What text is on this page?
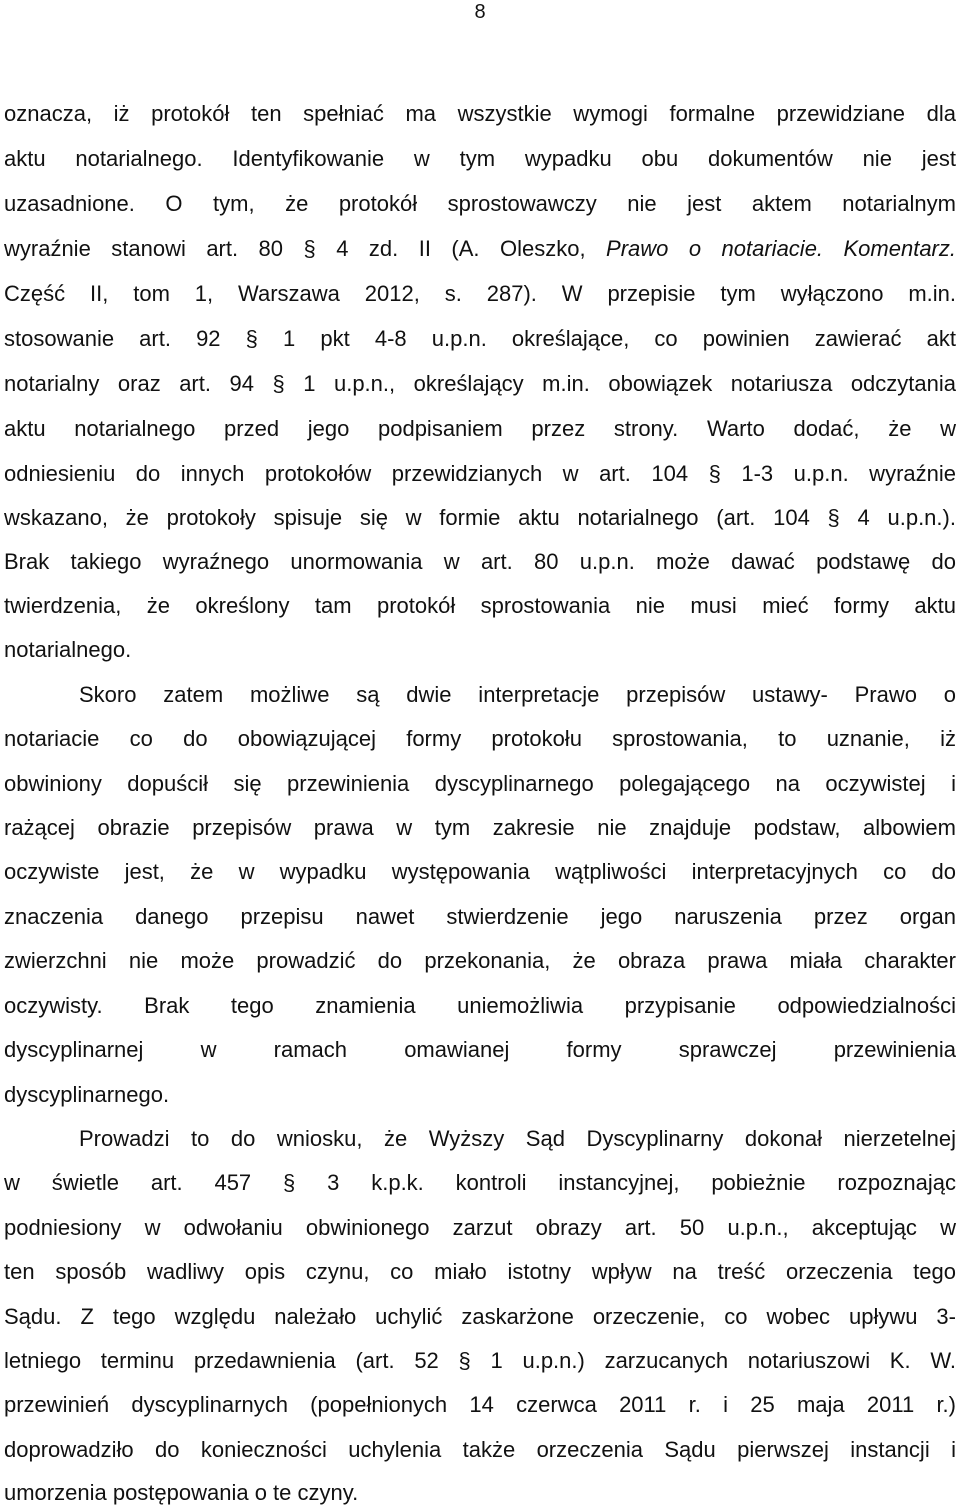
8
oznacza, iż protokół ten spełniać ma wszystkie wymogi formalne przewidziane dla
aktu notarialnego. Identyfikowanie w tym wypadku obu dokumentów nie jest
uzasadnione. O tym, że protokół sprostowawczy nie jest aktem notarialnym
wyraźnie stanowi art. 80 § 4 zd. II (A. Oleszko, Prawo o notariacie. Komentarz.
Część II, tom 1, Warszawa 2012, s. 287). W przepisie tym wyłączono m.in.
stosowanie art. 92 § 1 pkt 4-8 u.p.n. określające, co powinien zawierać akt
notarialny oraz art. 94 § 1 u.p.n., określający m.in. obowiązek notariusza odczytania
aktu notarialnego przed jego podpisaniem przez strony. Warto dodać, że w
odniesieniu do innych protokołów przewidzianych w art. 104 § 1-3 u.p.n. wyraźnie
wskazano, że protokoły spisuje się w formie aktu notarialnego (art. 104 § 4 u.p.n.).
Brak takiego wyraźnego unormowania w art. 80 u.p.n. może dawać podstawę do
twierdzenia, że określony tam protokół sprostowania nie musi mieć formy aktu
notarialnego.
Skoro zatem możliwe są dwie interpretacje przepisów ustawy- Prawo o
notariacie co do obowiązującej formy protokołu sprostowania, to uznanie, iż
obwiniony dopuścił się przewinienia dyscyplinarnego polegającego na oczywistej i
rażącej obrazie przepisów prawa w tym zakresie nie znajduje podstaw, albowiem
oczywiste jest, że w wypadku występowania wątpliwości interpretacyjnych co do
znaczenia danego przepisu nawet stwierdzenie jego naruszenia przez organ
zwierzchni nie może prowadzić do przekonania, że obraza prawa miała charakter
oczywisty. Brak tego znamienia uniemożliwia przypisanie odpowiedzialności
dyscyplinarnej w ramach omawianej formy sprawczej przewinienia
dyscyplinarnego.
Prowadzi to do wniosku, że Wyższy Sąd Dyscyplinarny dokonał nierzetelnej
w świetle art. 457 § 3 k.p.k. kontroli instancyjnej, pobieżnie rozpoznając
podniesiony w odwołaniu obwinionego zarzut obrazy art. 50 u.p.n., akceptując w
ten sposób wadliwy opis czynu, co miało istotny wpływ na treść orzeczenia tego
Sądu. Z tego względu należało uchylić zaskarżone orzeczenie, co wobec upływu 3-
letniego terminu przedawnienia (art. 52 § 1 u.p.n.) zarzucanych notariuszowi K. W.
przewinień dyscyplinarnych (popełnionych 14 czerwca 2011 r. i 25 maja 2011 r.)
doprowadziło do konieczności uchylenia także orzeczenia Sądu pierwszej instancji i
umorzenia postępowania o te czyny.
